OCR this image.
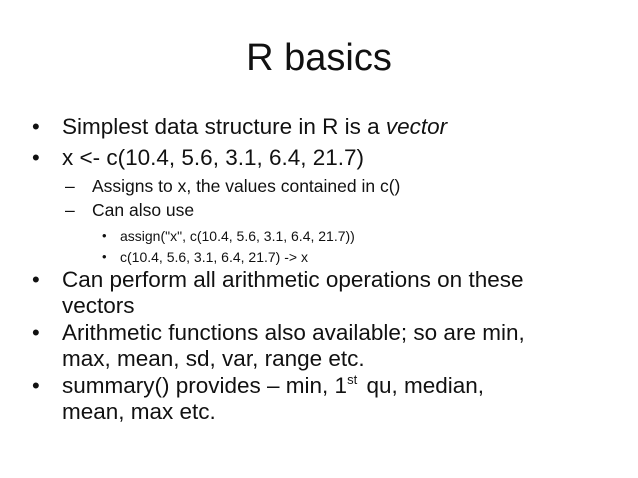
R basics
• Simplest data structure in R is a vector
• x <- c(10.4, 5.6, 3.1, 6.4, 21.7)
– Assigns to x, the values contained in c()
– Can also use
• assign("x", c(10.4, 5.6, 3.1, 6.4, 21.7))
• c(10.4, 5.6, 3.1, 6.4, 21.7) -> x
• Can perform all arithmetic operations on these
vectors
• Arithmetic functions also available; so are min,
max, mean, sd, var, range etc.
• summary() provides – min, 1st qu, median,
mean, max etc.
